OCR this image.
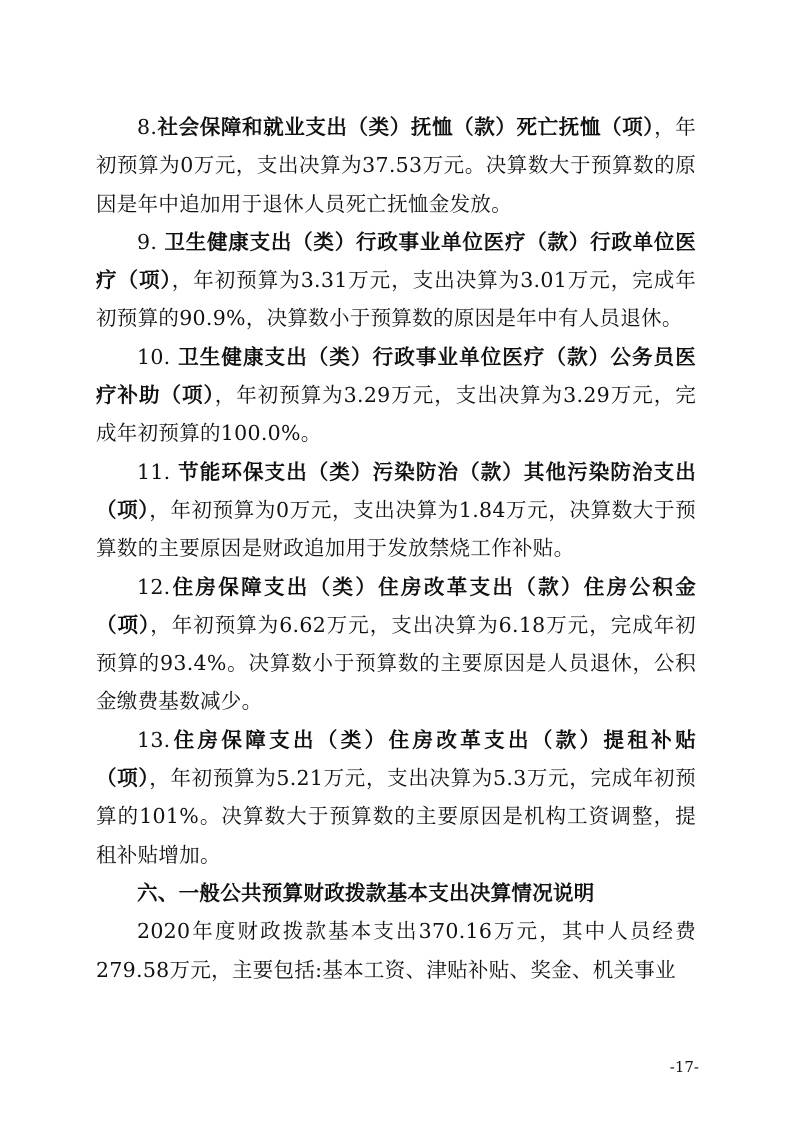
8.社会保障和就业支出（类）抚恤（款）死亡抚恤（项），年初预算为0万元，支出决算为37.53万元。决算数大于预算数的原因是年中追加用于退休人员死亡抚恤金发放。

9. 卫生健康支出（类）行政事业单位医疗（款）行政单位医疗（项），年初预算为3.31万元，支出决算为3.01万元，完成年初预算的90.9%，决算数小于预算数的原因是年中有人员退休。

10. 卫生健康支出（类）行政事业单位医疗（款）公务员医疗补助（项），年初预算为3.29万元，支出决算为3.29万元，完成年初预算的100.0%。

11. 节能环保支出（类）污染防治（款）其他污染防治支出（项），年初预算为0万元，支出决算为1.84万元，决算数大于预算数的主要原因是财政追加用于发放禁烧工作补贴。

12.住房保障支出（类）住房改革支出（款）住房公积金（项），年初预算为6.62万元，支出决算为6.18万元，完成年初预算的93.4%。决算数小于预算数的主要原因是人员退休，公积金缴费基数减少。

13.住房保障支出（类）住房改革支出（款）提租补贴（项），年初预算为5.21万元，支出决算为5.3万元，完成年初预算的101%。决算数大于预算数的主要原因是机构工资调整，提租补贴增加。

六、一般公共预算财政拨款基本支出决算情况说明

2020年度财政拨款基本支出370.16万元，其中人员经费279.58万元，主要包括:基本工资、津贴补贴、奖金、机关事业

-17-
